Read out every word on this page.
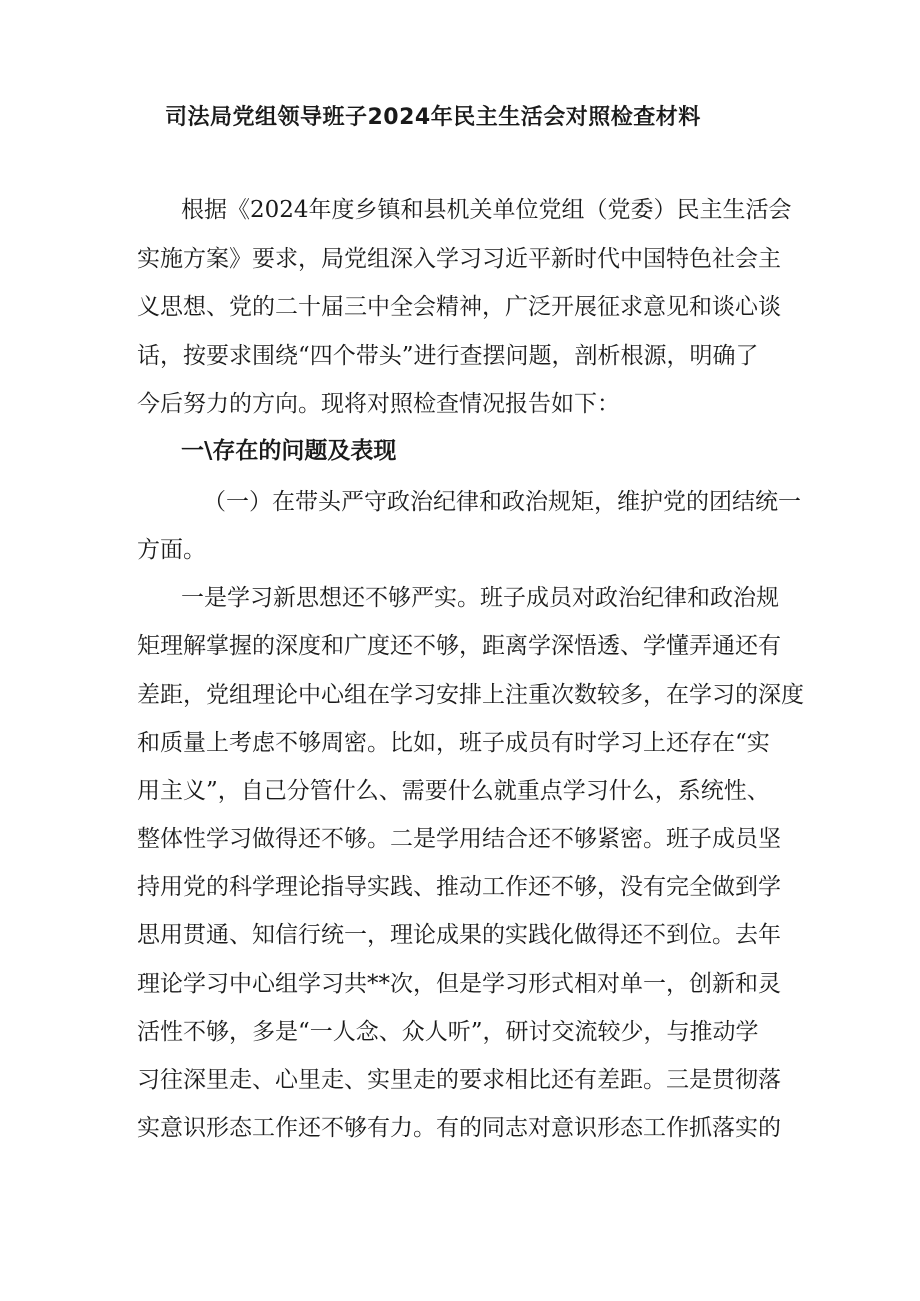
司法局党组领导班子2024年民主生活会对照检查材料
根据《2024年度乡镇和县机关单位党组（党委）民主生活会
实施方案》要求，局党组深入学习习近平新时代中国特色社会主
义思想、党的二十届三中全会精神，广泛开展征求意见和谈心谈
话，按要求围绕“四个带头”进行查摆问题，剖析根源，明确了
今后努力的方向。现将对照检查情况报告如下：
一\存在的问题及表现
（一）在带头严守政治纪律和政治规矩，维护党的团结统一
方面。
一是学习新思想还不够严实。班子成员对政治纪律和政治规
矩理解掌握的深度和广度还不够，距离学深悟透、学懂弄通还有
差距，党组理论中心组在学习安排上注重次数较多，在学习的深度
和质量上考虑不够周密。比如，班子成员有时学习上还存在“实
用主义”，自己分管什么、需要什么就重点学习什么，系统性、
整体性学习做得还不够。二是学用结合还不够紧密。班子成员坚
持用党的科学理论指导实践、推动工作还不够，没有完全做到学
思用贯通、知信行统一，理论成果的实践化做得还不到位。去年
理论学习中心组学习共**次，但是学习形式相对单一，创新和灵
活性不够，多是“一人念、众人听”，研讨交流较少，与推动学
习往深里走、心里走、实里走的要求相比还有差距。三是贯彻落
实意识形态工作还不够有力。有的同志对意识形态工作抓落实的
